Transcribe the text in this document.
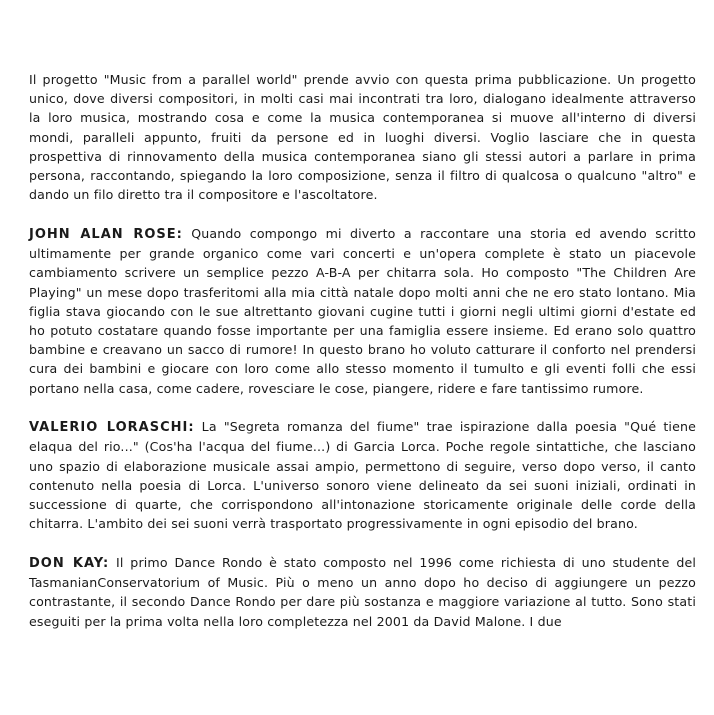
Il progetto "Music from a parallel world" prende avvio con questa prima pubblicazione. Un progetto unico, dove diversi compositori, in molti casi mai incontrati tra loro, dialogano idealmente attraverso la loro musica, mostrando cosa e come la musica contemporanea si muove all'interno di diversi mondi, paralleli appunto, fruiti da persone ed in luoghi diversi. Voglio lasciare che in questa prospettiva di rinnovamento della musica contemporanea siano gli stessi autori a parlare in prima persona, raccontando, spiegando la loro composizione, senza il filtro di qualcosa o qualcuno "altro" e dando un filo diretto tra il compositore e l'ascoltatore.

JOHN ALAN ROSE: Quando compongo mi diverto a raccontare una storia ed avendo scritto ultimamente per grande organico come vari concerti e un'opera complete è stato un piacevole cambiamento scrivere un semplice pezzo A-B-A per chitarra sola. Ho composto "The Children Are Playing" un mese dopo trasferitomi alla mia città natale dopo molti anni che ne ero stato lontano. Mia figlia stava giocando con le sue altrettanto giovani cugine tutti i giorni negli ultimi giorni d'estate ed ho potuto costatare quando fosse importante per una famiglia essere insieme. Ed erano solo quattro bambine e creavano un sacco di rumore! In questo brano ho voluto catturare il conforto nel prendersi cura dei bambini e giocare con loro come allo stesso momento il tumulto e gli eventi folli che essi portano nella casa, come cadere, rovesciare le cose, piangere, ridere e fare tantissimo rumore.

VALERIO LORASCHI: La "Segreta romanza del fiume" trae ispirazione dalla poesia "Qué tiene elaqua del rio..." (Cos'ha l'acqua del fiume...) di Garcia Lorca. Poche regole sintattiche, che lasciano uno spazio di elaborazione musicale assai ampio, permettono di seguire, verso dopo verso, il canto contenuto nella poesia di Lorca. L'universo sonoro viene delineato da sei suoni iniziali, ordinati in successione di quarte, che corrispondono all'intonazione storicamente originale delle corde della chitarra. L'ambito dei sei suoni verrà trasportato progressivamente in ogni episodio del brano.

DON KAY: Il primo Dance Rondo è stato composto nel 1996 come richiesta di uno studente del TasmanianConservatorium of Music. Più o meno un anno dopo ho deciso di aggiungere un pezzo contrastante, il secondo Dance Rondo per dare più sostanza e maggiore variazione al tutto. Sono stati eseguiti per la prima volta nella loro completezza nel 2001 da David Malone. I due
